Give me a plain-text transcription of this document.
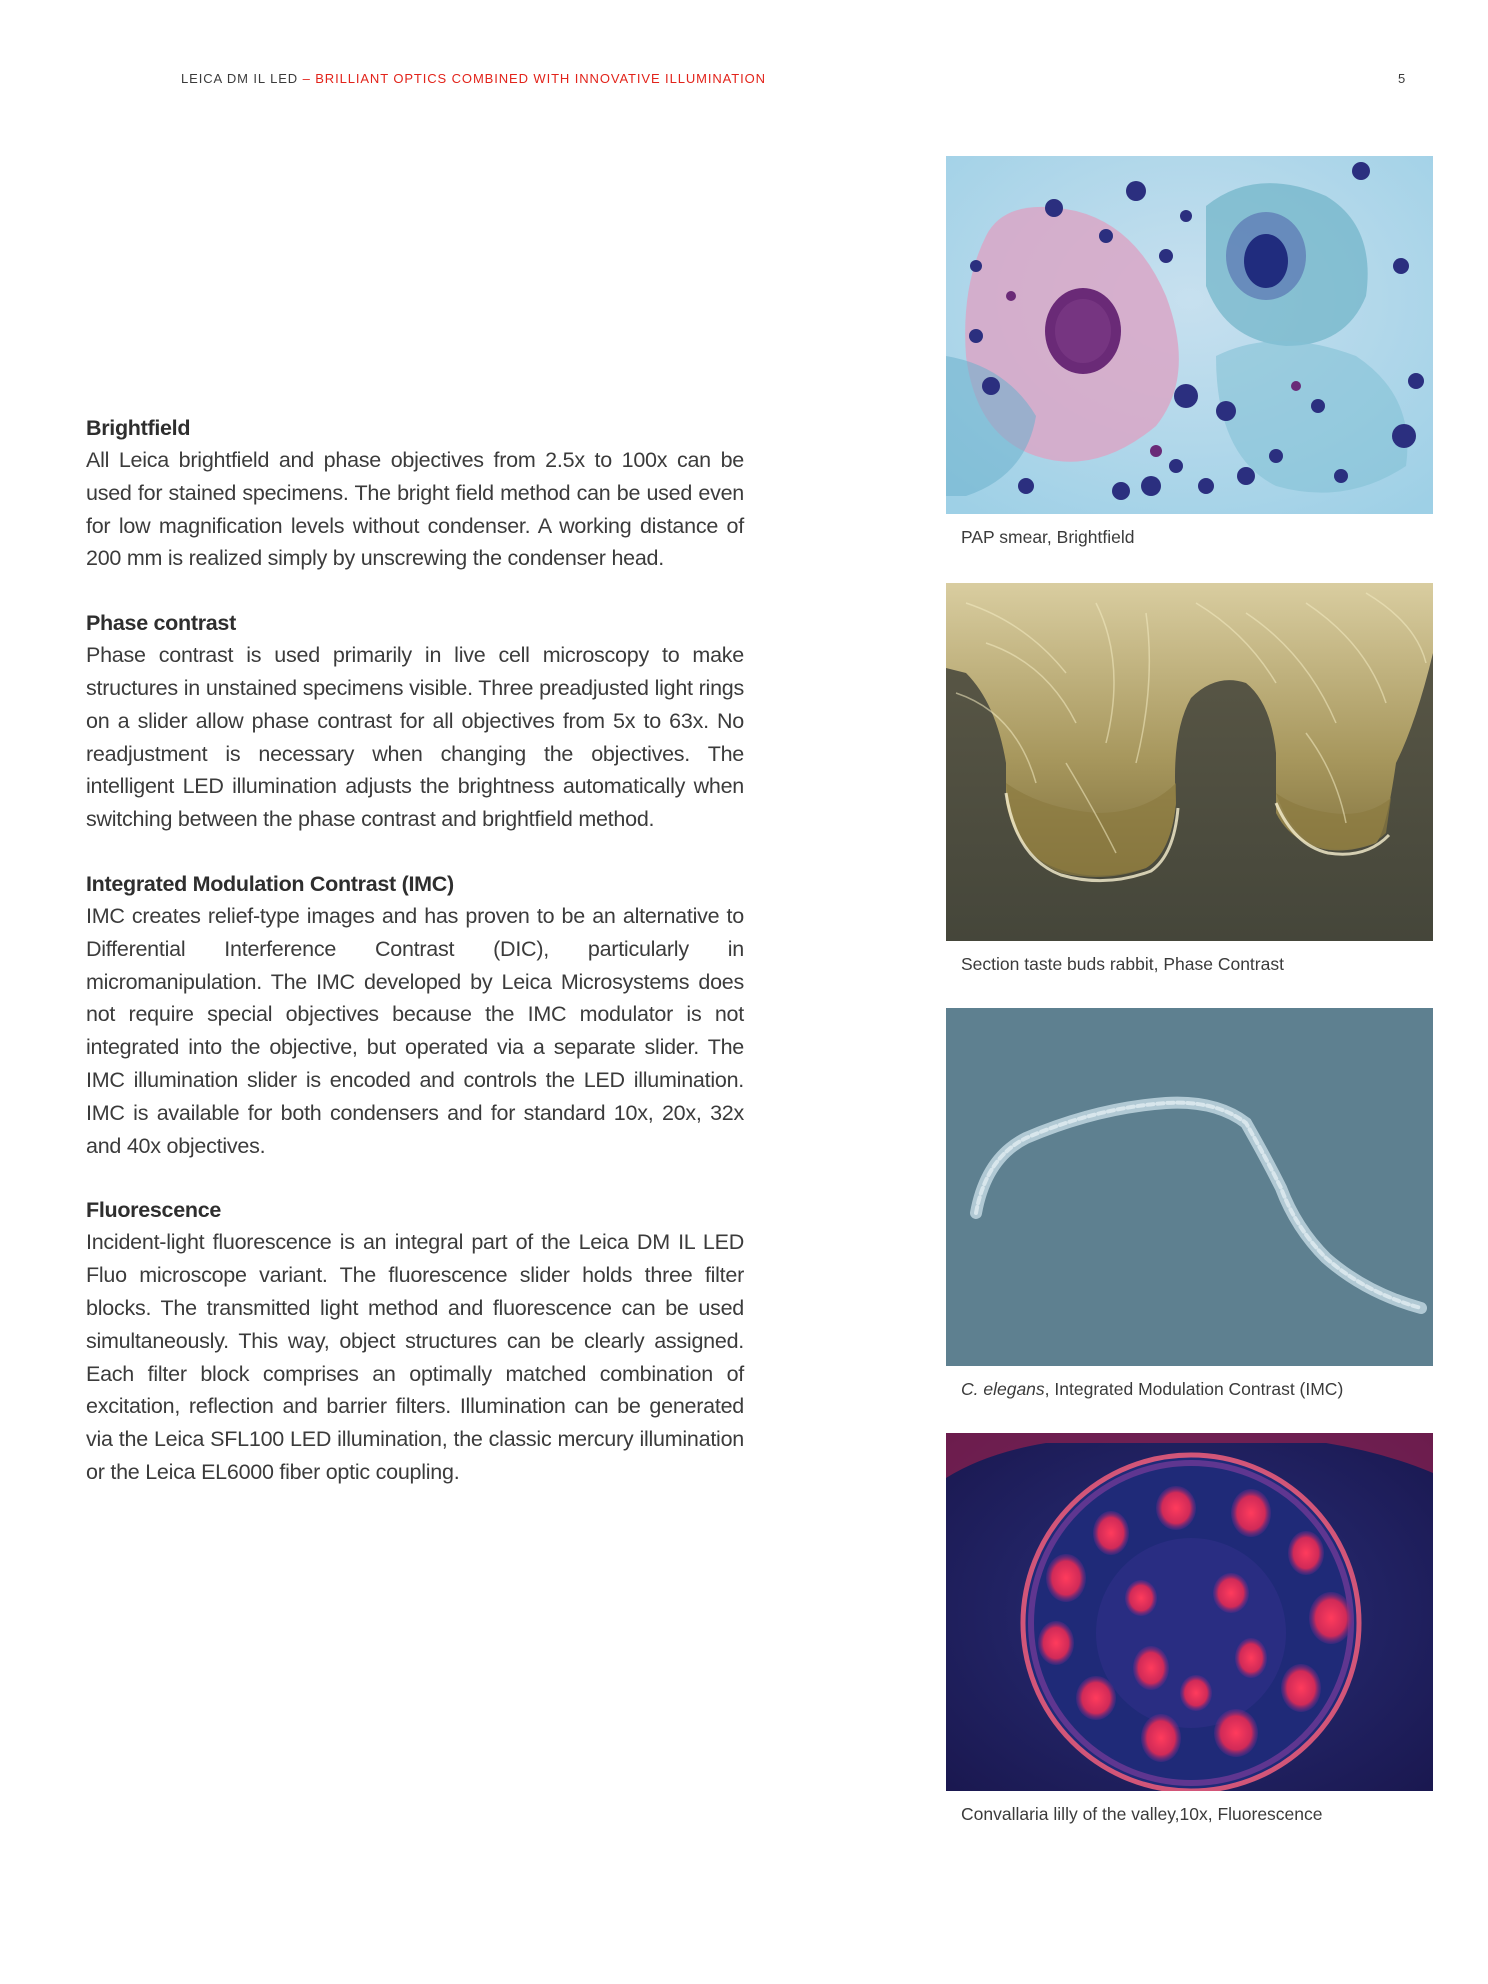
LEICA DM IL LED – BRILLIANT OPTICS COMBINED WITH INNOVATIVE ILLUMINATION	5
Brightfield

All Leica brightfield and phase objectives from 2.5x to 100x can be used for stained specimens. The bright field method can be used even for low magnification levels without condenser. A working distance of 200 mm is realized simply by unscrewing the condenser head.

Phase contrast

Phase contrast is used primarily in live cell microscopy to make structures in unstained specimens visible. Three preadjusted light rings on a slider allow phase contrast for all objectives from 5x to 63x. No readjustment is necessary when changing the objectives. The intelligent LED illumination adjusts the brightness automatically when switching between the phase contrast and brightfield method.

Integrated Modulation Contrast (IMC)

IMC creates relief-type images and has proven to be an alternative to Differential Interference Contrast (DIC), particularly in micromanipulation. The IMC developed by Leica Microsystems does not require special objectives because the IMC modulator is not integrated into the objective, but operated via a separate slider. The IMC illumination slider is encoded and controls the LED illumination. IMC is available for both condensers and for standard 10x, 20x, 32x and 40x objectives.

Fluorescence

Incident-light fluorescence is an integral part of the Leica DM IL LED Fluo microscope variant. The fluorescence slider holds three filter blocks. The transmitted light method and fluorescence can be used simultaneously. This way, object structures can be clearly assigned. Each filter block comprises an optimally matched combination of excitation, reflection and barrier filters. Illumination can be generated via the Leica SFL100 LED illumination, the classic mercury illumination or the Leica EL6000 fiber optic coupling.

PAP smear, Brightfield
Section taste buds rabbit, Phase Contrast
C. elegans, Integrated Modulation Contrast (IMC)
Convallaria lilly of the valley,10x, Fluorescence
